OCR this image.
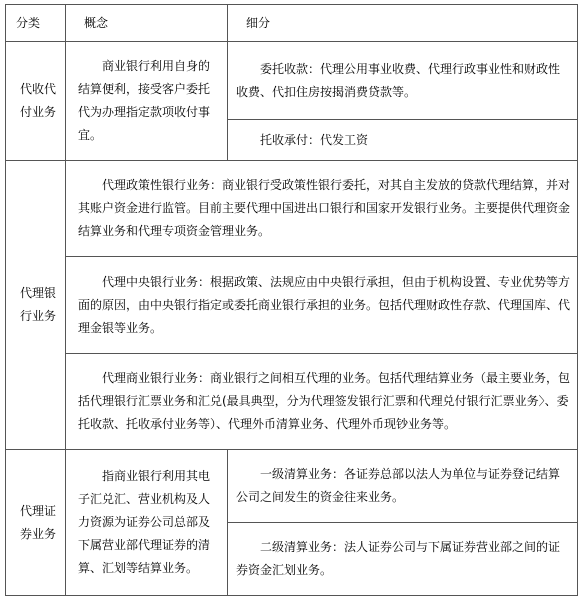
分类	概念	细分
代收代付业务	商业银行利用自身的结算便利，接受客户委托代为办理指定款项收付事宜。	委托收款：代理公用事业收费、代理行政事业性和财政性收费、代扣住房按揭消费贷款等。
		托收承付：代发工资
代理银行业务	代理政策性银行业务：商业银行受政策性银行委托，对其自主发放的贷款代理结算，并对其账户资金进行监管。目前主要代理中国进出口银行和国家开发银行业务。主要提供代理资金结算业务和代理专项资金管理业务。	
	代理中央银行业务：根据政策、法规应由中央银行承担，但由于机构设置、专业优势等方面的原因，由中央银行指定或委托商业银行承担的业务。包括代理财政性存款、代理国库、代理金银等业务。	
	代理商业银行业务：商业银行之间相互代理的业务。包括代理结算业务（最主要业务，包括代理银行汇票业务和汇兑(最具典型，分为代理签发银行汇票和代理兑付银行汇票业务〉、委托收款、托收承付业务等）、代理外币清算业务、代理外币现钞业务等。	
代理证券业务	指商业银行利用其电子汇兑汇、营业机构及人力资源为证券公司总部及下属营业部代理证券的清算、汇划等结算业务。	一级清算业务：各证券总部以法人为单位与证券登记结算公司之间发生的资金往来业务。
		二级清算业务：法人证券公司与下属证券营业部之间的证券资金汇划业务。
